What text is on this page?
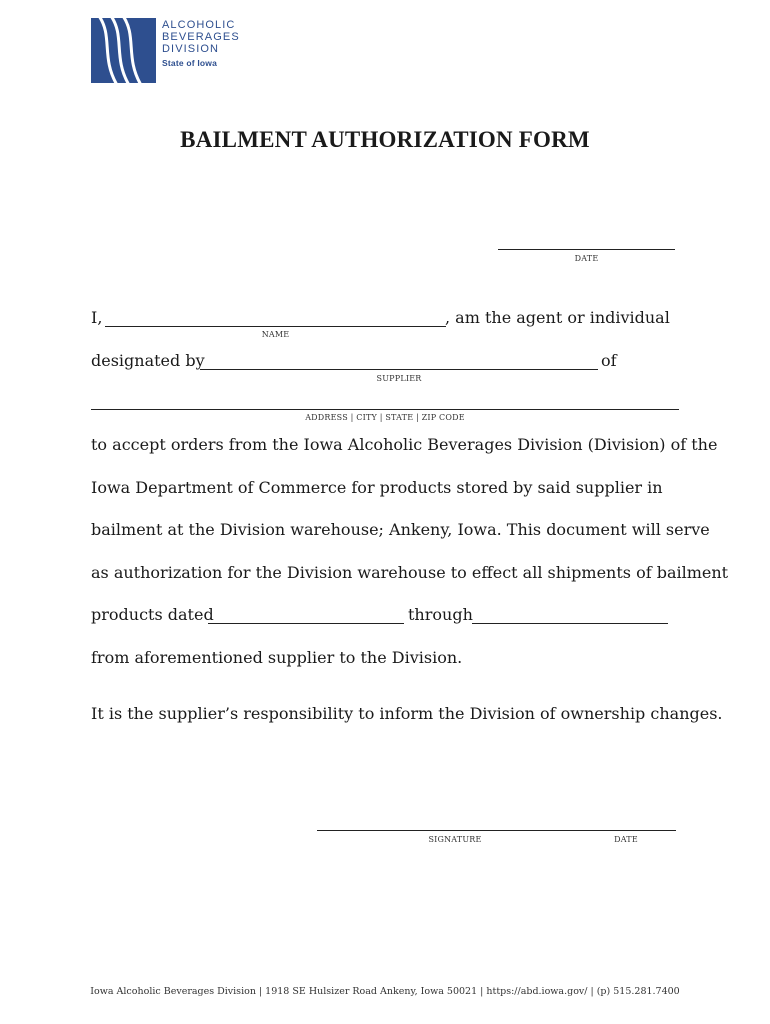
ALCOHOLIC
BEVERAGES
DIVISION
State of Iowa
BAILMENT AUTHORIZATION FORM
DATE
I,	, am the agent or individual
NAME
designated by	of
SUPPLIER
ADDRESS | CITY | STATE | ZIP CODE
to accept orders from the Iowa Alcoholic Beverages Division (Division) of the
Iowa Department of Commerce for products stored by said supplier in
bailment at the Division warehouse; Ankeny, Iowa. This document will serve
as authorization for the Division warehouse to effect all shipments of bailment
products dated	through
from aforementioned supplier to the Division.
It is the supplier’s responsibility to inform the Division of ownership changes.
SIGNATURE	DATE
Iowa Alcoholic Beverages Division | 1918 SE Hulsizer Road Ankeny, Iowa 50021 | https://abd.iowa.gov/ | (p) 515.281.7400
